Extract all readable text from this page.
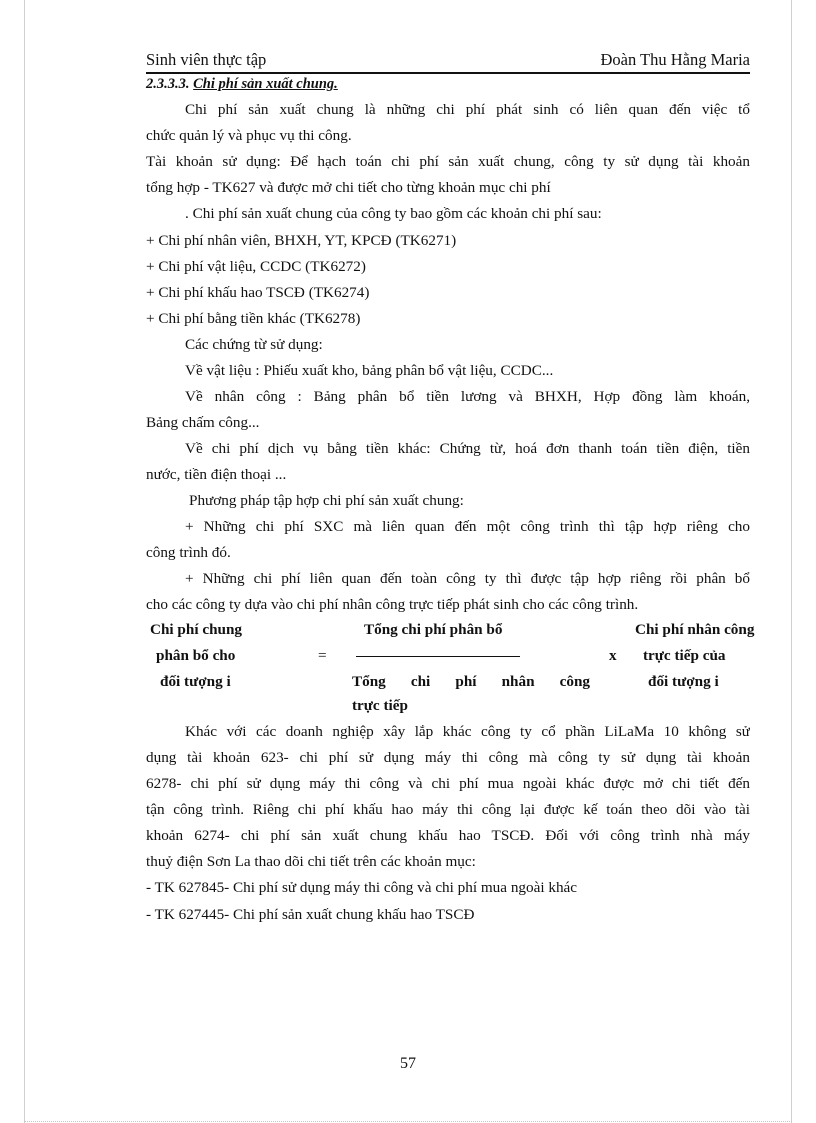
Sinh viên thực tập	Đoàn Thu Hằng Maria
2.3.3.3. Chi phí sản xuất chung.
Chi phí sản xuất chung là những chi phí phát sinh có liên quan đến việc tổ
chức quản lý và phục vụ thi công.
Tài khoản sử dụng: Để hạch toán chi phí sản xuất chung, công ty sử dụng tài khoản
tổng hợp - TK627 và được mở chi tiết cho từng khoản mục chi phí
. Chi phí sản xuất chung của công ty bao gồm các khoản chi phí sau:
+ Chi phí nhân viên, BHXH, YT, KPCĐ (TK6271)
+ Chi phí vật liệu, CCDC (TK6272)
+ Chi phí khấu hao TSCĐ (TK6274)
+ Chi phí bằng tiền khác (TK6278)
Các chứng từ sử dụng:
Về vật liệu : Phiếu xuất kho, bảng phân bổ vật liệu, CCDC...
Về nhân công : Bảng phân bổ tiền lương và BHXH, Hợp đồng làm khoán,
Bảng chấm công...
Về chi phí dịch vụ bằng tiền khác: Chứng từ, hoá đơn thanh toán tiền điện, tiền
nước, tiền điện thoại ...
Phương pháp tập hợp chi phí sản xuất chung:
+ Những chi phí SXC mà liên quan đến một công trình thì tập hợp riêng cho
công trình đó.
+ Những chi phí liên quan đến toàn công ty thì được tập hợp riêng rồi phân bổ
cho các công ty dựa vào chi phí nhân công trực tiếp phát sinh cho các công trình.
Chi phí chung
phân bổ cho
đối tượng i
=
Tổng chi phí phân bổ
Tổng chi phí nhân công
trực tiếp
x
Chi phí nhân công
trực tiếp của
đối tượng i
Khác với các doanh nghiệp xây lắp khác công ty cổ phần LiLaMa 10 không sử
dụng tài khoản 623- chi phí sử dụng máy thi công mà công ty sử dụng tài khoản
6278- chi phí sử dụng máy thi công và chi phí mua ngoài khác được mở chi tiết đến
tận công trình. Riêng chi phí khấu hao máy thi công lại được kế toán theo dõi vào tài
khoản 6274- chi phí sản xuất chung khấu hao TSCĐ. Đối với công trình nhà máy
thuỷ điện Sơn La thao dõi chi tiết trên các khoản mục:
- TK 627845- Chi phí sử dụng máy thi công và chi phí mua ngoài khác
- TK 627445- Chi phí sản xuất chung khấu hao TSCĐ
57
